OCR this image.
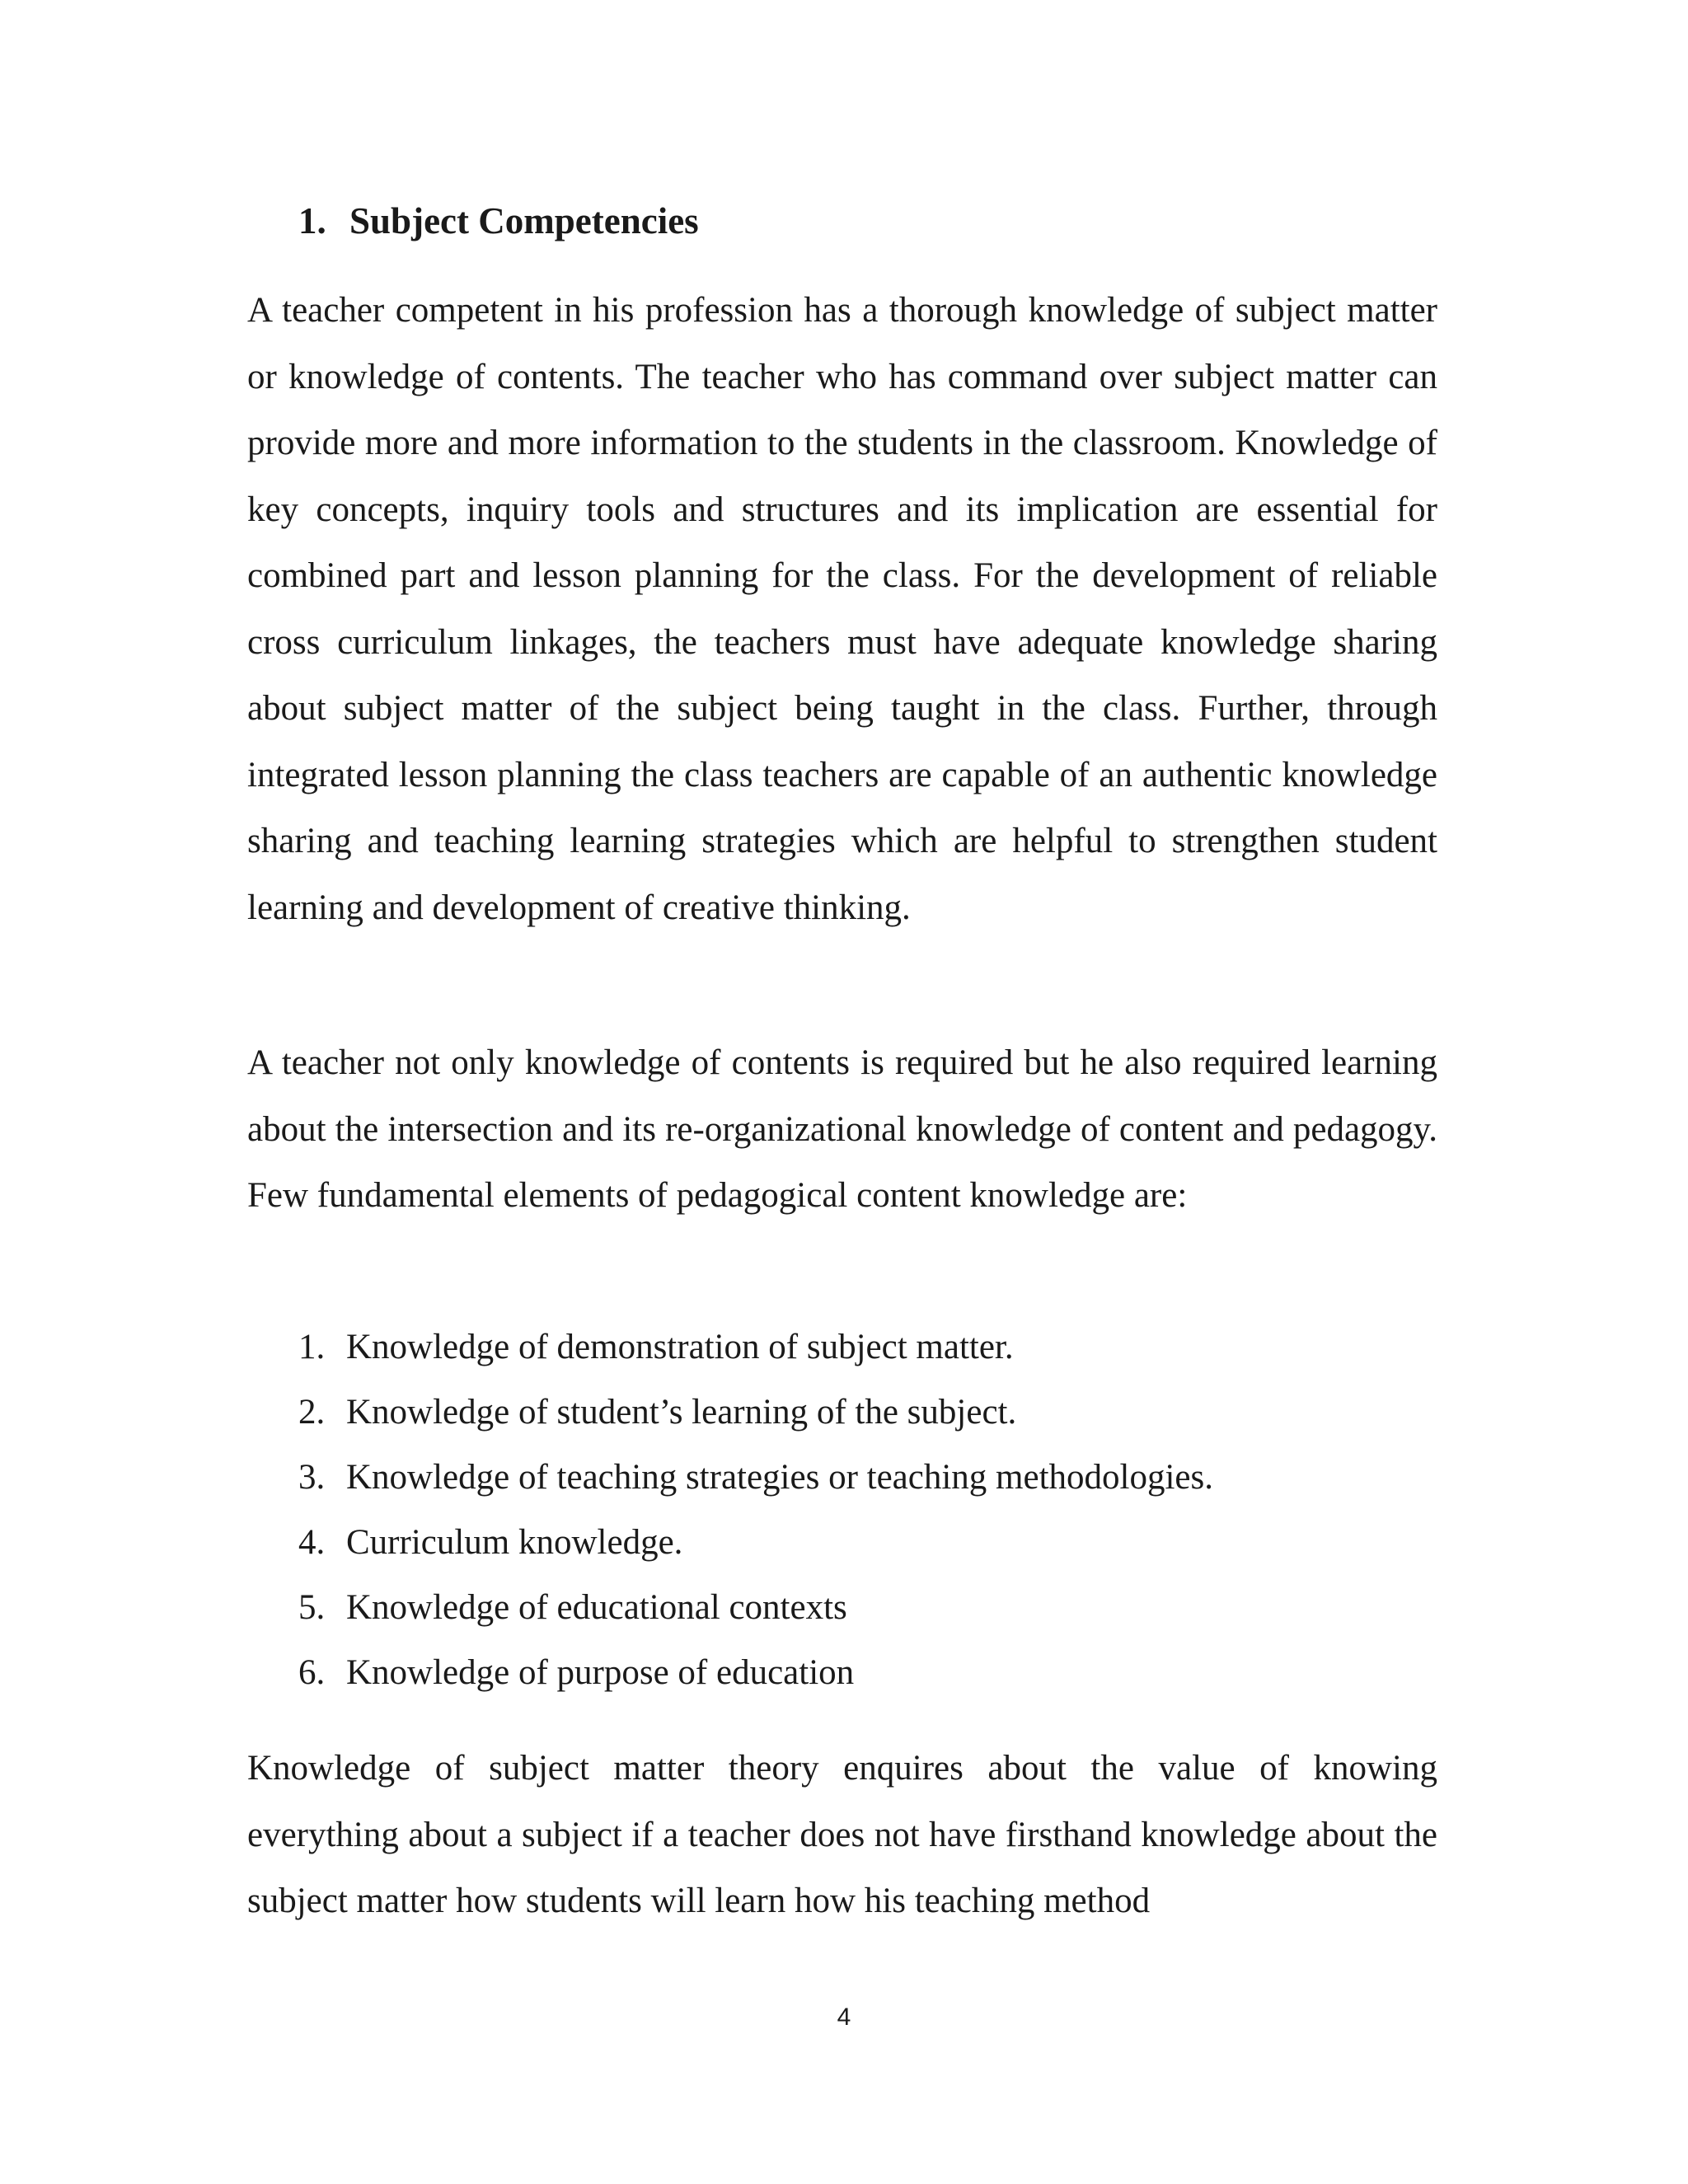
1. Subject Competencies

A teacher competent in his profession has a thorough knowledge of subject matter or knowledge of contents. The teacher who has command over subject matter can provide more and more information to the students in the classroom. Knowledge of key concepts, inquiry tools and structures and its implication are essential for combined part and lesson planning for the class. For the development of reliable cross curriculum linkages, the teachers must have adequate knowledge sharing about subject matter of the subject being taught in the class. Further, through integrated lesson planning the class teachers are capable of an authentic knowledge sharing and teaching learning strategies which are helpful to strengthen student learning and development of creative thinking.

A teacher not only knowledge of contents is required but he also required learning about the intersection and its re-organizational knowledge of content and pedagogy. Few fundamental elements of pedagogical content knowledge are:

1. Knowledge of demonstration of subject matter.
2. Knowledge of student’s learning of the subject.
3. Knowledge of teaching strategies or teaching methodologies.
4. Curriculum knowledge.
5. Knowledge of educational contexts
6. Knowledge of purpose of education

Knowledge of subject matter theory enquires about the value of knowing everything about a subject if a teacher does not have firsthand knowledge about the subject matter how students will learn how his teaching method

4
